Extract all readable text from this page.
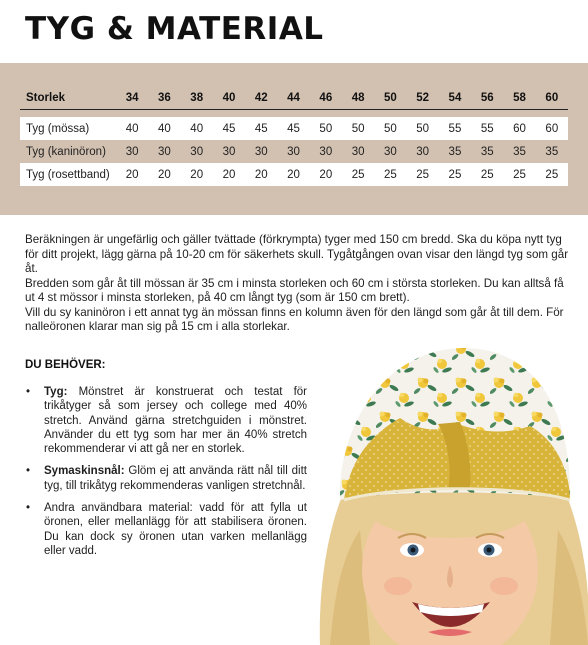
TYG & MATERIAL
Storlek	34	36	38	40	42	44	46	48	50	52	54	56	58	60

Tyg (mössa)	40	40	40	45	45	45	50	50	50	50	55	55	60	60
Tyg (kaninöron)	30	30	30	30	30	30	30	30	30	30	35	35	35	35
Tyg (rosettband)	20	20	20	20	20	20	20	25	25	25	25	25	25	25

Beräkningen är ungefärlig och gäller tvättade (förkrympta) tyger med 150 cm bredd. Ska du köpa nytt tyg för ditt projekt, lägg gärna på 10-20 cm för säkerhets skull. Tygåtgången ovan visar den längd tyg som går åt.

Bredden som går åt till mössan är 35 cm i minsta storleken och 60 cm i största storleken. Du kan alltså få ut 4 st mössor i minsta storleken, på 40 cm långt tyg (som är 150 cm brett).

Vill du sy kaninöron i ett annat tyg än mössan finns en kolumn även för den längd som går åt till dem. För nalleöronen klarar man sig på 15 cm i alla storlekar.

DU BEHÖVER:
• Tyg: Mönstret är konstruerat och testat för trikåtyger så som jersey och college med 40% stretch. Använd gärna stretchguiden i mönstret. Använder du ett tyg som har mer än 40% stretch rekommenderar vi att gå ner en storlek.
• Symaskinsnål: Glöm ej att använda rätt nål till ditt tyg, till trikåtyg rekommenderas vanligen stretchnål.
• Andra användbara material: vadd för att fylla ut öronen, eller mellanlägg för att stabilisera öronen. Du kan dock sy öronen utan varken mellanlägg eller vadd.
